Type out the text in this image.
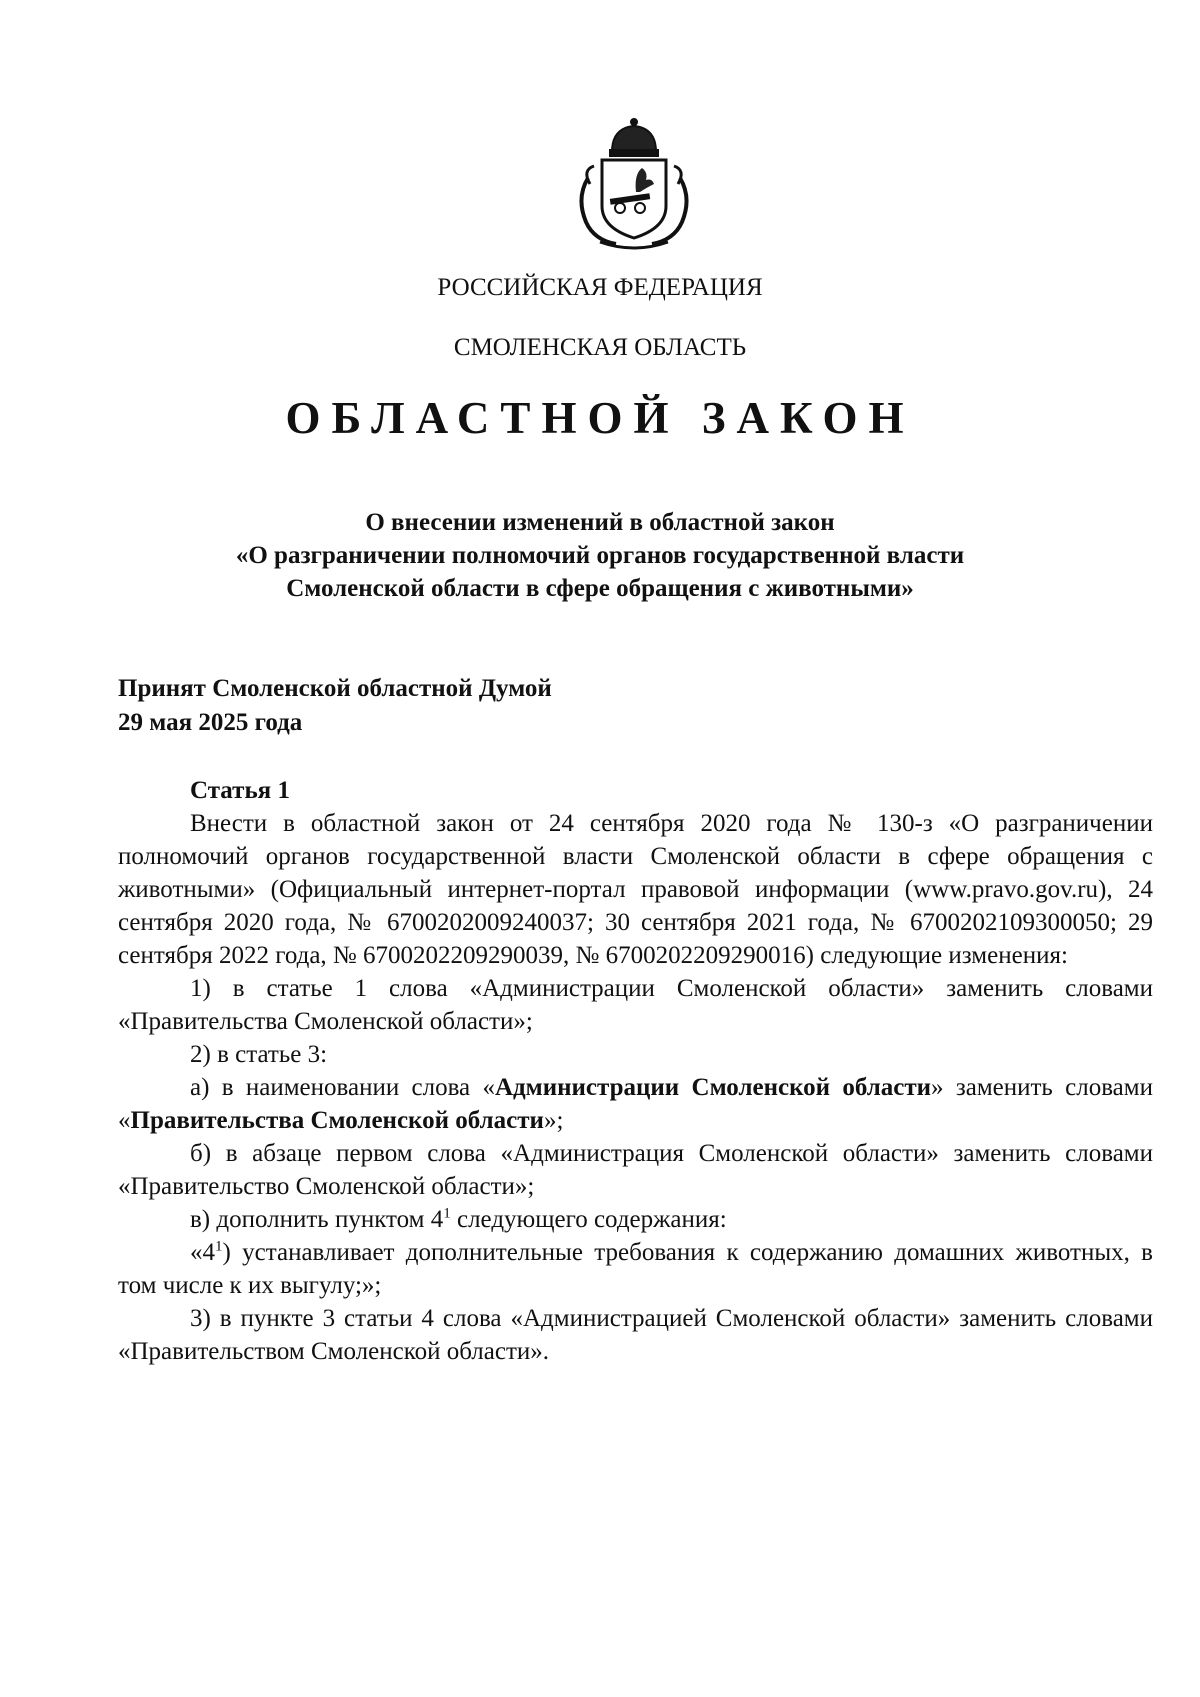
РОССИЙСКАЯ ФЕДЕРАЦИЯ
СМОЛЕНСКАЯ ОБЛАСТЬ
ОБЛАСТНОЙ ЗАКОН
О внесении изменений в областной закон
«О разграничении полномочий органов государственной власти
Смоленской области в сфере обращения с животными»
Принят Смоленской областной Думой
29 мая 2025 года

Статья 1

Внести в областной закон от 24 сентября 2020 года № 130-з «О разграничении полномочий органов государственной власти Смоленской области в сфере обращения с животными» (Официальный интернет-портал правовой информации (www.pravo.gov.ru), 24 сентября 2020 года, № 6700202009240037; 30 сентября 2021 года, № 6700202109300050; 29 сентября 2022 года, № 6700202209290039, № 6700202209290016) следующие изменения:

1) в статье 1 слова «Администрации Смоленской области» заменить словами «Правительства Смоленской области»;

2) в статье 3:

а) в наименовании слова «Администрации Смоленской области» заменить словами «Правительства Смоленской области»;

б) в абзаце первом слова «Администрация Смоленской области» заменить словами «Правительство Смоленской области»;

в) дополнить пунктом $4^1$ следующего содержания:

«$4^1$) устанавливает дополнительные требования к содержанию домашних животных, в том числе к их выгулу;»;

3) в пункте 3 статьи 4 слова «Администрацией Смоленской области» заменить словами «Правительством Смоленской области».
